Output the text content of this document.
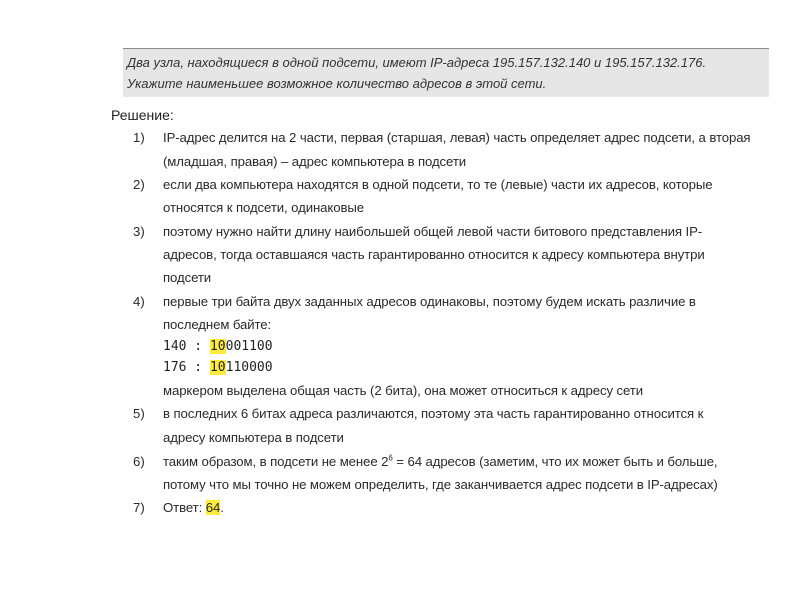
Два узла, находящиеся в одной подсети, имеют IP-адреса 195.157.132.140 и 195.157.132.176.
Укажите наименьшее возможное количество адресов в этой сети.
Решение:
1) IP-адрес делится на 2 части, первая (старшая, левая) часть определяет адрес подсети, а вторая
(младшая, правая) – адрес компьютера в подсети
2) если два компьютера находятся в одной подсети, то те (левые) части их адресов, которые
относятся к подсети, одинаковые
3) поэтому нужно найти длину наибольшей общей левой части битового представления IP-
адресов, тогда оставшаяся часть гарантированно относится к адресу компьютера внутри
подсети
4) первые три байта двух заданных адресов одинаковы, поэтому будем искать различие в
последнем байте:
140 : 10001100
176 : 10110000
маркером выделена общая часть (2 бита), она может относиться к адресу сети
5) в последних 6 битах адреса различаются, поэтому эта часть гарантированно относится к
адресу компьютера в подсети
6) таким образом, в подсети не менее $2^6 = 64$ адресов (заметим, что их может быть и больше,
потому что мы точно не можем определить, где заканчивается адрес подсети в IP-адресах)
7) Ответ: 64.
